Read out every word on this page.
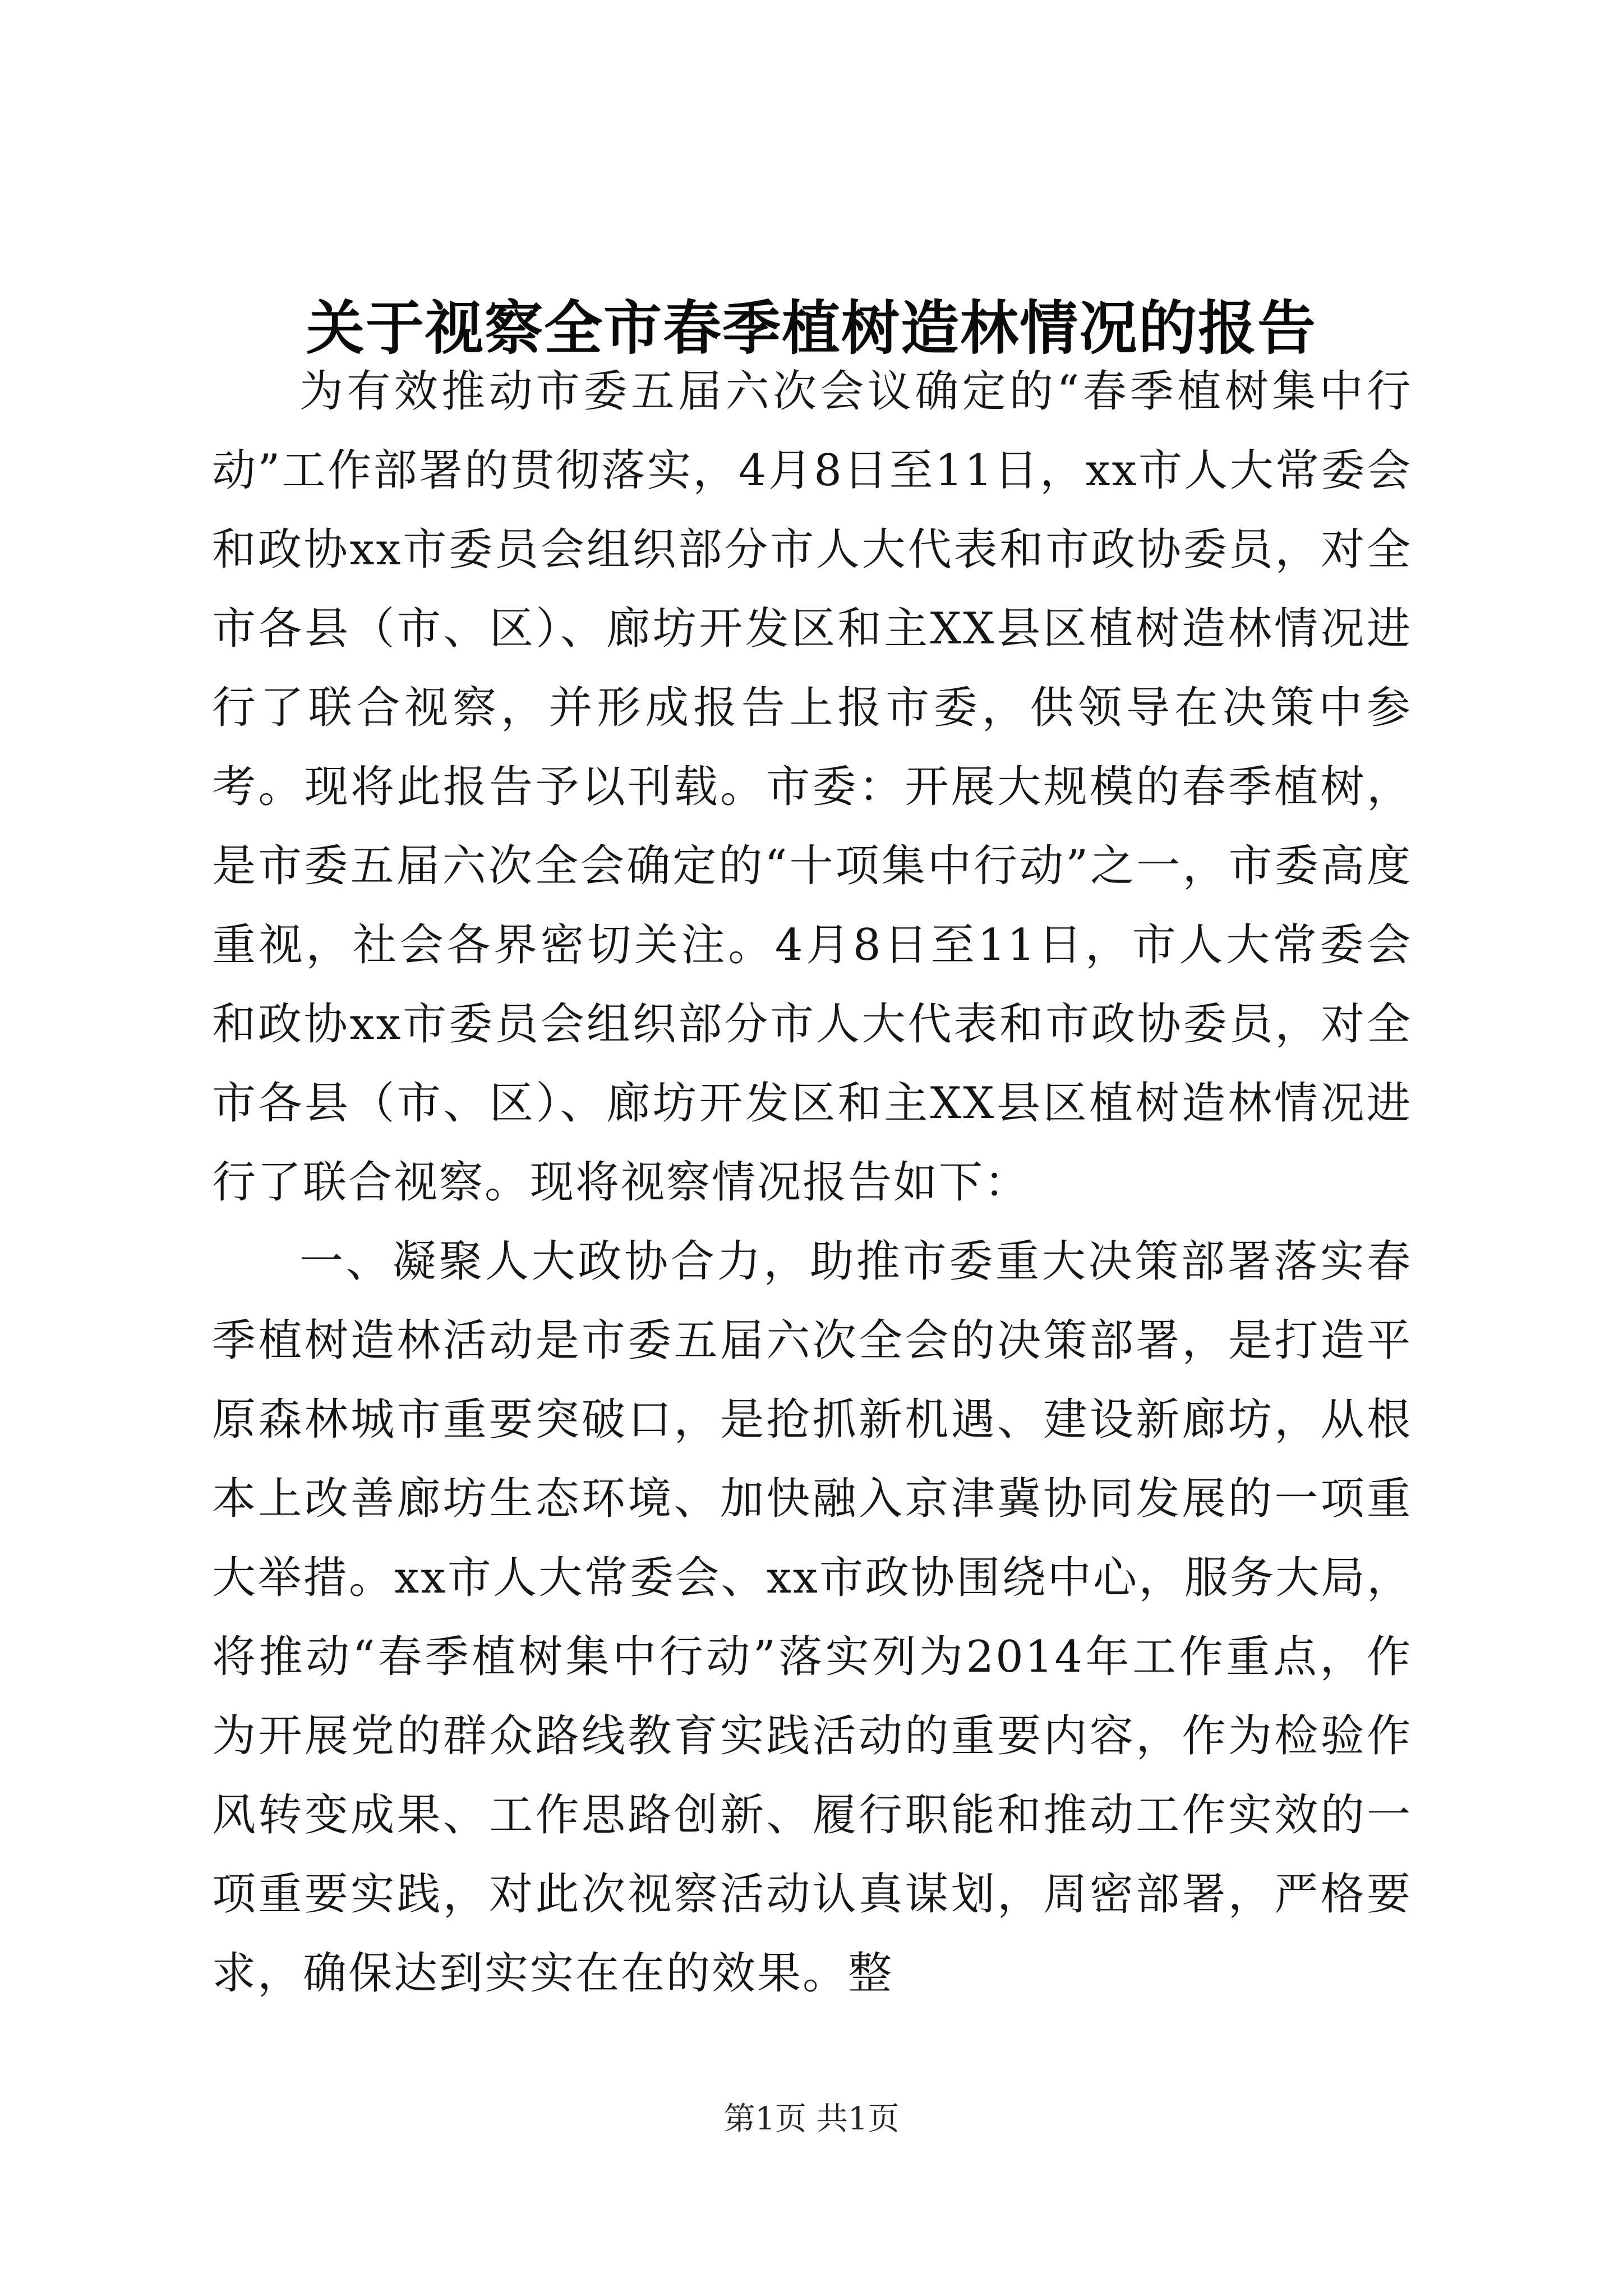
关于视察全市春季植树造林情况的报告

为有效推动市委五届六次会议确定的“春季植树集中行动”工作部署的贯彻落实，4月8日至11日，xx市人大常委会和政协xx市委员会组织部分市人大代表和市政协委员，对全市各县（市、区）、廊坊开发区和主XX县区植树造林情况进行了联合视察，并形成报告上报市委，供领导在决策中参考。现将此报告予以刊载。市委：开展大规模的春季植树，是市委五届六次全会确定的“十项集中行动”之一，市委高度重视，社会各界密切关注。4月8日至11日，市人大常委会和政协xx市委员会组织部分市人大代表和市政协委员，对全市各县（市、区）、廊坊开发区和主XX县区植树造林情况进行了联合视察。现将视察情况报告如下：

一、凝聚人大政协合力，助推市委重大决策部署落实春季植树造林活动是市委五届六次全会的决策部署，是打造平原森林城市重要突破口，是抢抓新机遇、建设新廊坊，从根本上改善廊坊生态环境、加快融入京津冀协同发展的一项重大举措。xx市人大常委会、xx市政协围绕中心，服务大局，将推动“春季植树集中行动”落实列为2014年工作重点，作为开展党的群众路线教育实践活动的重要内容，作为检验作风转变成果、工作思路创新、履行职能和推动工作实效的一项重要实践，对此次视察活动认真谋划，周密部署，严格要求，确保达到实实在在的效果。整

第1页 共1页
